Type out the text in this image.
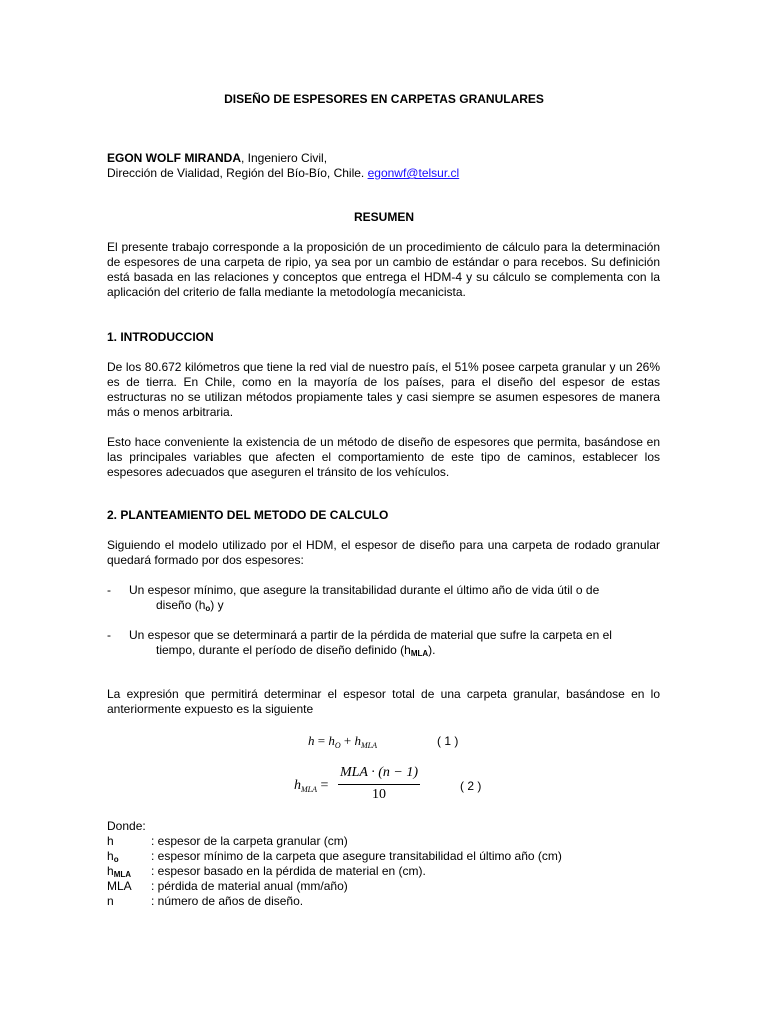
DISEÑO DE ESPESORES EN CARPETAS GRANULARES
EGON WOLF MIRANDA, Ingeniero Civil,
Dirección de Vialidad, Región del Bío-Bío, Chile. egonwf@telsur.cl
RESUMEN
El presente trabajo corresponde a la proposición de un procedimiento de cálculo para la determinación de espesores de una carpeta de ripio, ya sea por un cambio de estándar o para recebos. Su definición está basada en las relaciones y conceptos que entrega el HDM-4 y su cálculo se complementa con la aplicación del criterio de falla mediante la metodología mecanicista.
1. INTRODUCCION
De los 80.672 kilómetros que tiene la red vial de nuestro país, el 51% posee carpeta granular y un 26% es de tierra. En Chile, como en la mayoría de los países, para el diseño del espesor de estas estructuras no se utilizan métodos propiamente tales y casi siempre se asumen espesores de manera más o menos arbitraria.
Esto hace conveniente la existencia de un método de diseño de espesores que permita, basándose en las principales variables que afecten el comportamiento de este tipo de caminos, establecer los espesores adecuados que aseguren el tránsito de los vehículos.
2. PLANTEAMIENTO DEL METODO DE CALCULO
Siguiendo el modelo utilizado por el HDM, el espesor de diseño para una carpeta de rodado granular quedará formado por dos espesores:
- Un espesor mínimo, que asegure la transitabilidad durante el último año de vida útil o de
diseño $(h_o)$ y
- Un espesor que se determinará a partir de la pérdida de material que sufre la carpeta en el
tiempo, durante el período de diseño definido $(h_{MLA})$.
La expresión que permitirá determinar el espesor total de una carpeta granular, basándose en lo anteriormente expuesto es la siguiente
$h = h_O + h_{MLA}$	( 1 )
$h_{MLA}$ =
MLA · (n − 1)
10
( 2 )
Donde:
h	: espesor de la carpeta granular (cm)
$h_o$	: espesor mínimo de la carpeta que asegure transitabilidad el último año (cm)
$h_{MLA}$ : espesor basado en la pérdida de material en (cm).
MLA : pérdida de material anual (mm/año)
n	: número de años de diseño.
